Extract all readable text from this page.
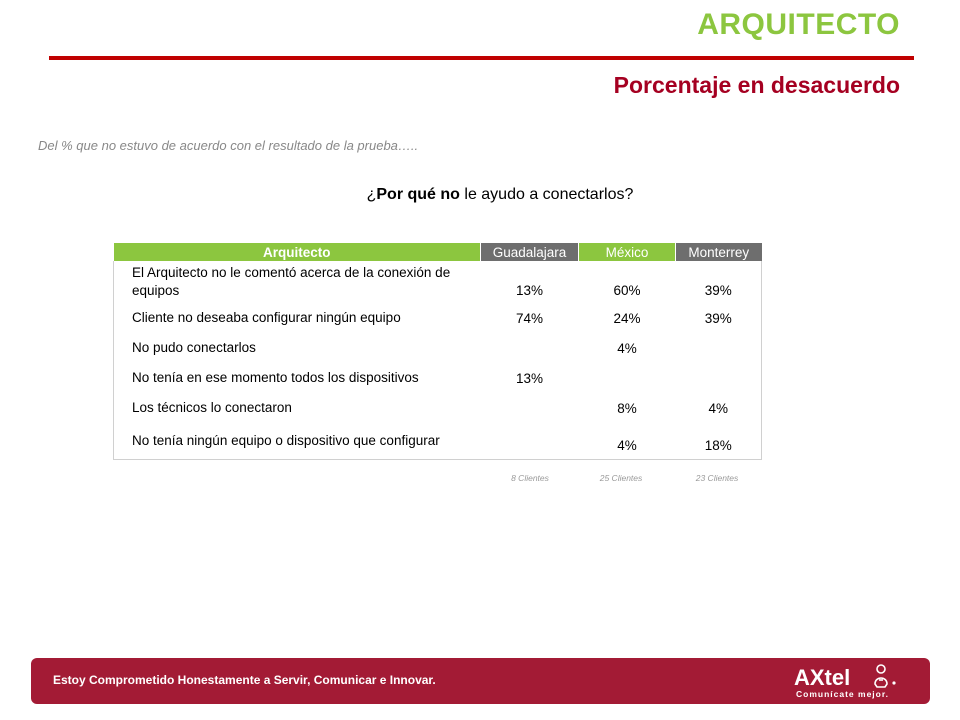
ARQUITECTO
Porcentaje en desacuerdo
Del % que no estuvo de acuerdo con el resultado de la prueba…..
¿Por qué no le ayudo a conectarlos?
Arquitecto	Guadalajara	México	Monterrey
El Arquitecto no le comentó acerca de la conexión de equipos	13%	60%	39%
Cliente no deseaba configurar ningún equipo	74%	24%	39%
No pudo conectarlos		4%	
No tenía en ese momento todos los dispositivos	13%		
Los técnicos lo conectaron		8%	4%
No tenía ningún equipo o dispositivo que configurar		4%	18%
8 Clientes	25 Clientes	23 Clientes
Estoy Comprometido Honestamente a Servir, Comunicar e Innovar.	AXtel
Comunícate mejor.
